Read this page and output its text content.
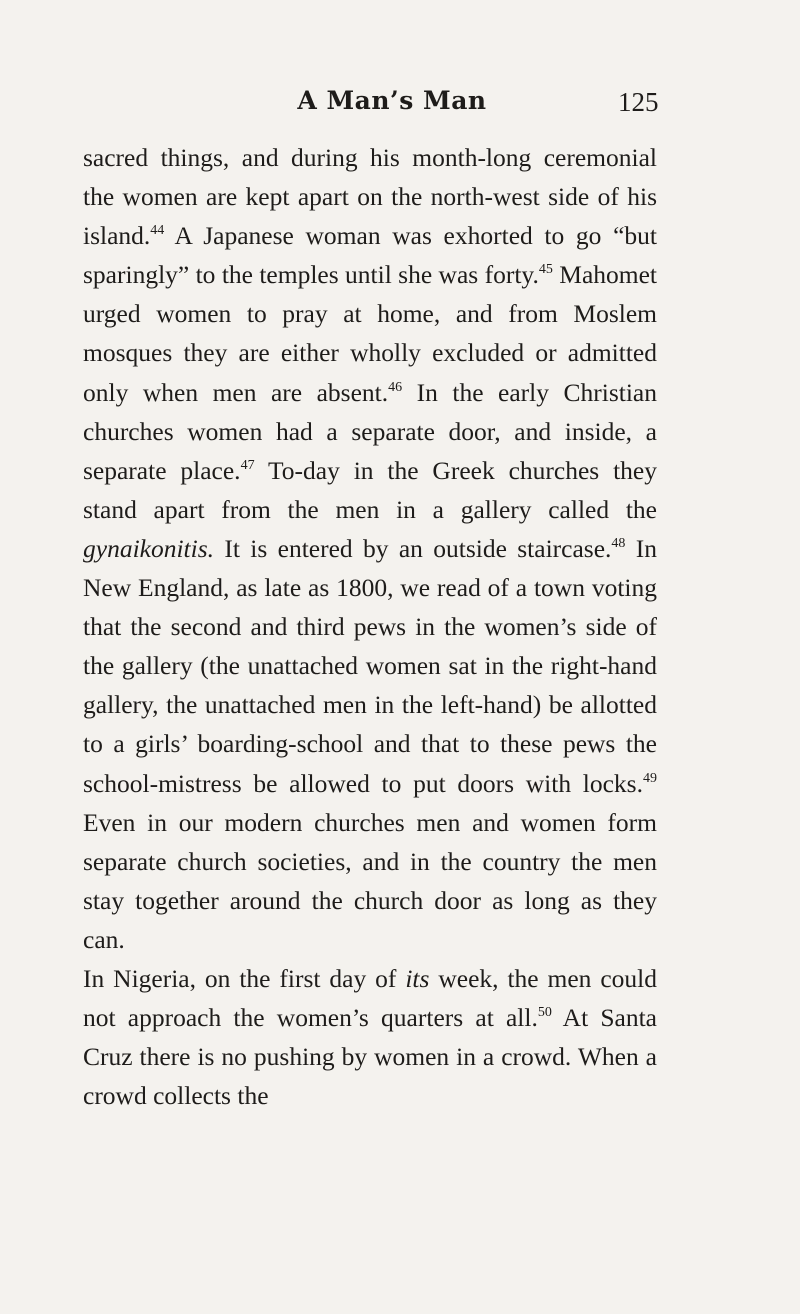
A Man’s Man	125

sacred things, and during his month-long ceremonial the women are kept apart on the north-west side of his island.$^{44}$ A Japanese woman was exhorted to go “but sparingly” to the temples until she was forty.$^{45}$ Mahomet urged women to pray at home, and from Moslem mosques they are either wholly excluded or admitted only when men are absent.$^{46}$ In the early Christian churches women had a separate door, and inside, a separate place.$^{47}$ To-day in the Greek churches they stand apart from the men in a gallery called the gynaikonitis. It is entered by an outside staircase.$^{48}$ In New England, as late as 1800, we read of a town voting that the second and third pews in the women’s side of the gallery (the unattached women sat in the right-hand gallery, the unattached men in the left-hand) be allotted to a girls’ boarding-school and that to these pews the school-mistress be allowed to put doors with locks.$^{49}$ Even in our modern churches men and women form separate church societies, and in the country the men stay together around the church door as long as they can.

In Nigeria, on the first day of its week, the men could not approach the women’s quarters at all.$^{50}$ At Santa Cruz there is no pushing by women in a crowd. When a crowd collects the
